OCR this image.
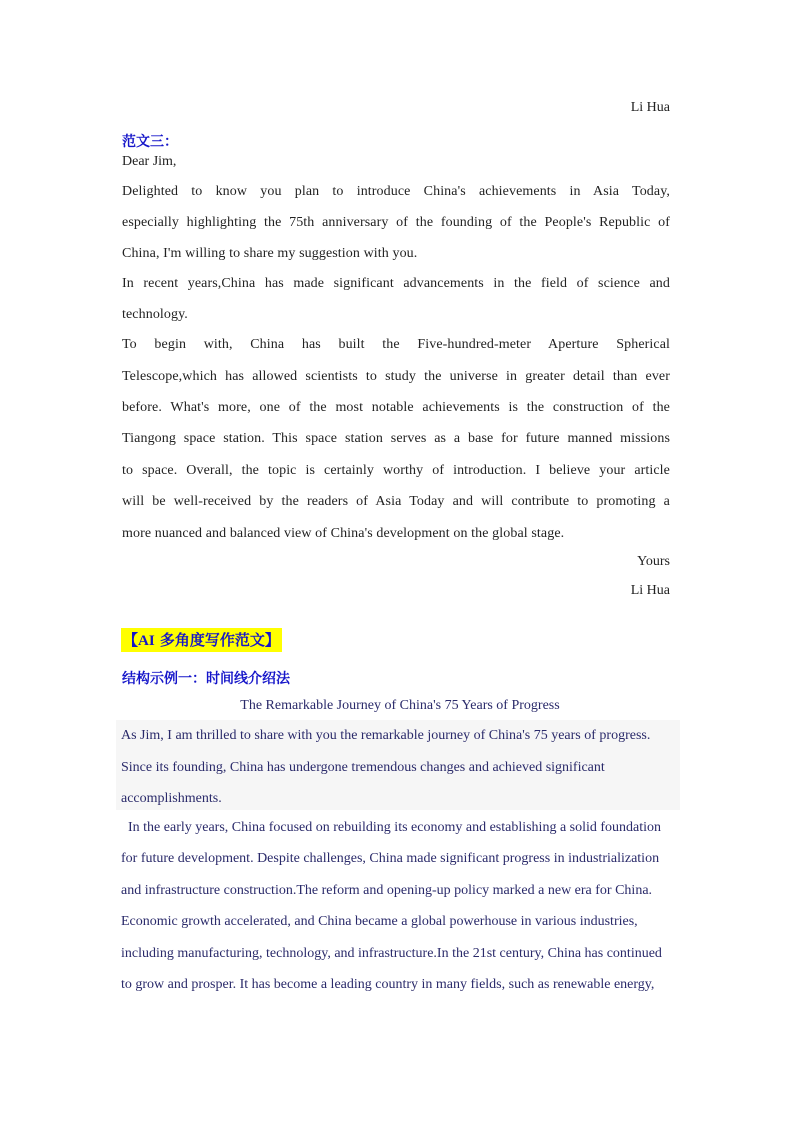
Li Hua
范文三：
Dear Jim,
Delighted to know you plan to introduce China's achievements in Asia Today,
especially highlighting the 75th anniversary of the founding of the People's Republic of
China, I'm willing to share my suggestion with you.
In recent years,China has made significant advancements in the field of science and
technology.
To begin with, China has built the Five-hundred-meter Aperture Spherical
Telescope,which has allowed scientists to study the universe in greater detail than ever
before. What's more, one of the most notable achievements is the construction of the
Tiangong space station. This space station serves as a base for future manned missions
to space. Overall, the topic is certainly worthy of introduction. I believe your article
will be well-received by the readers of Asia Today and will contribute to promoting a
more nuanced and balanced view of China's development on the global stage.
Yours
Li Hua
【AI 多角度写作范文】
结构示例一：时间线介绍法
The Remarkable Journey of China's 75 Years of Progress
As Jim, I am thrilled to share with you the remarkable journey of China's 75 years of progress.
Since its founding, China has undergone tremendous changes and achieved significant
accomplishments.
In the early years, China focused on rebuilding its economy and establishing a solid foundation
for future development. Despite challenges, China made significant progress in industrialization
and infrastructure construction.The reform and opening-up policy marked a new era for China.
Economic growth accelerated, and China became a global powerhouse in various industries,
including manufacturing, technology, and infrastructure.In the 21st century, China has continued
to grow and prosper. It has become a leading country in many fields, such as renewable energy,
